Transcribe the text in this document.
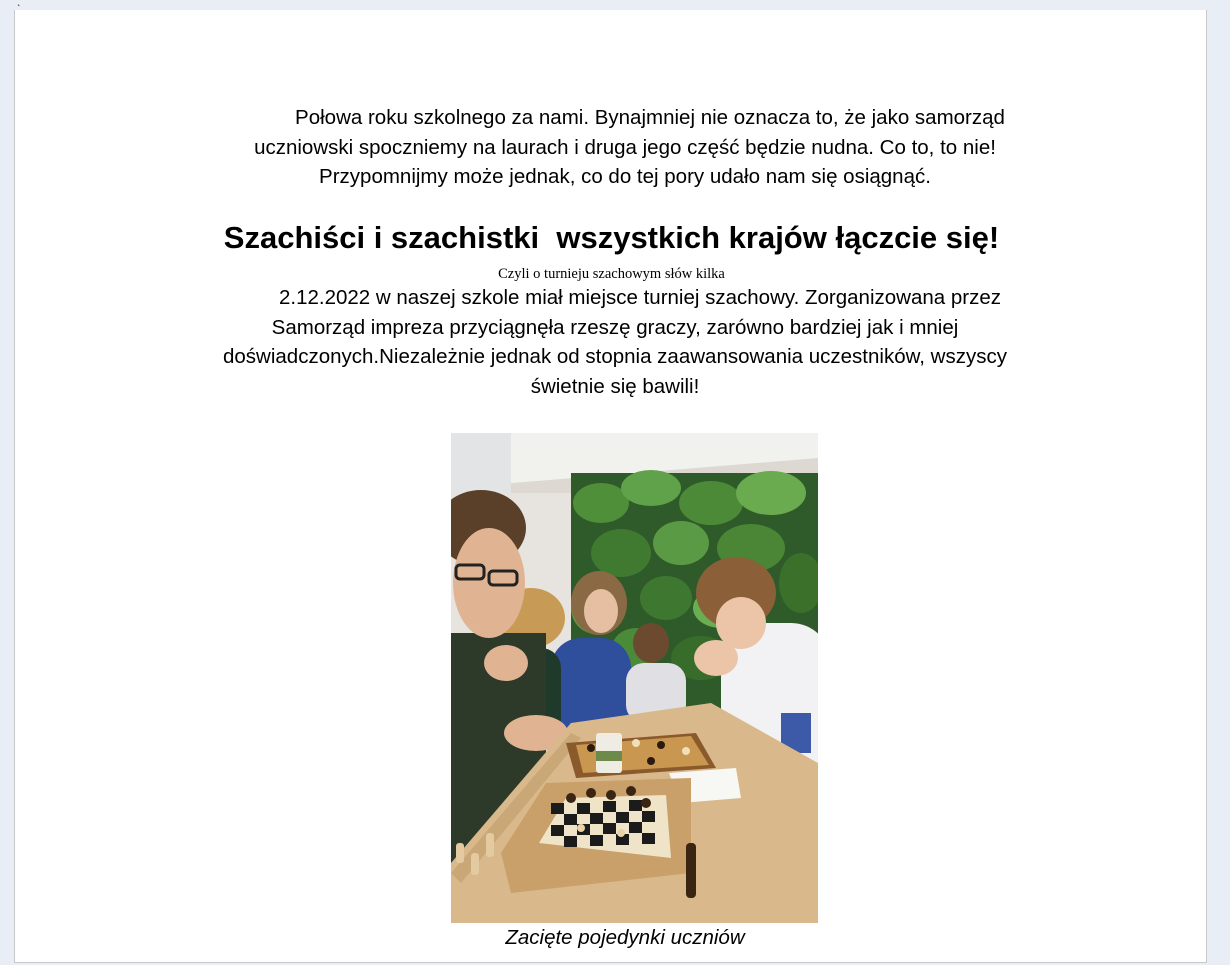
˛

Połowa roku szkolnego za nami. Bynajmniej nie oznacza to, że jako samorząd
uczniowski spoczniemy na laurach i druga jego część będzie nudna. Co to, to nie!
Przypomnijmy może jednak, co do tej pory udało nam się osiągnąć.

Szachiści i szachistki  wszystkich krajów łączcie się!

Czyli o turnieju szachowym słów kilka

2.12.2022 w naszej szkole miał miejsce turniej szachowy. Zorganizowana przez
Samorząd impreza przyciągnęła rzeszę graczy, zarówno bardziej jak i mniej
doświadczonych.Niezależnie jednak od stopnia zaawansowania uczestników, wszyscy
świetnie się bawili!

Zacięte pojedynki uczniów
